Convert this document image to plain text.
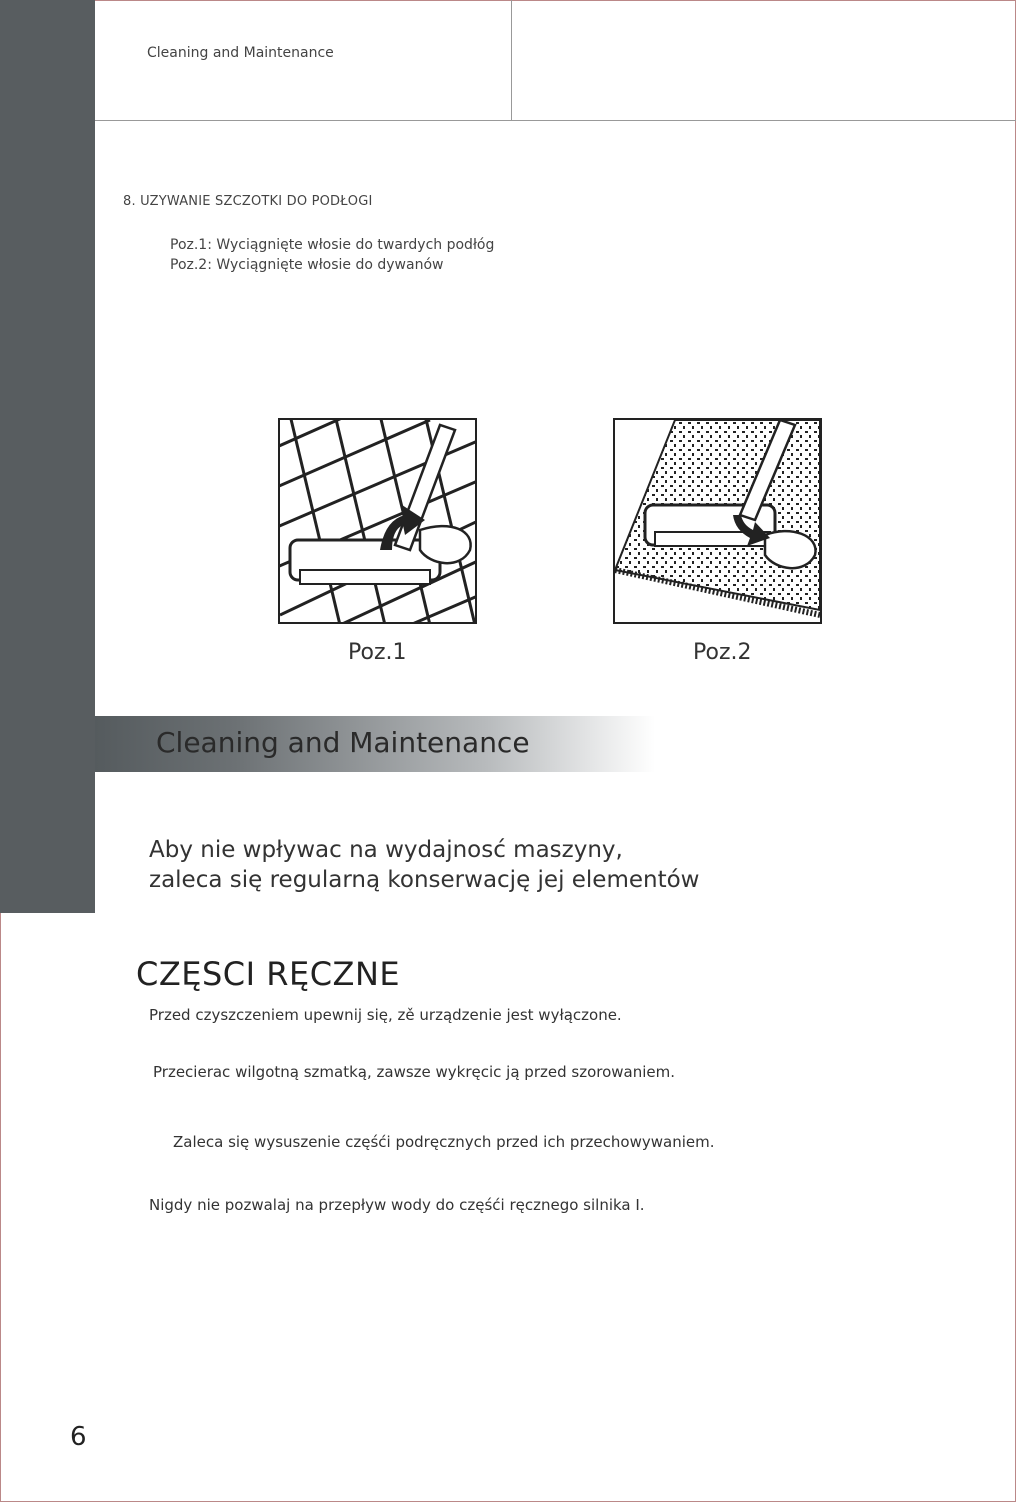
Cleaning and Maintenance
8. UZYWANIE SZCZOTKI DO PODŁOGI
Poz.1: Wyciągnięte włosie do twardych podłóg
Poz.2: Wyciągnięte włosie do dywanów
Poz.1	Poz.2
Cleaning and Maintenance
Aby nie wpływac na wydajnosć maszyny,
zaleca się regularną konserwację jej elementów
CZĘSCI RĘCZNE
Przed czyszczeniem upewnij się, zě urządzenie jest wyłączone.
Przecierac wilgotną szmatką, zawsze wykręcic ją przed szorowaniem.
Zaleca się wysuszenie częśći podręcznych przed ich przechowywaniem.
Nigdy nie pozwalaj na przepływ wody do częśći ręcznego silnika I.
6
